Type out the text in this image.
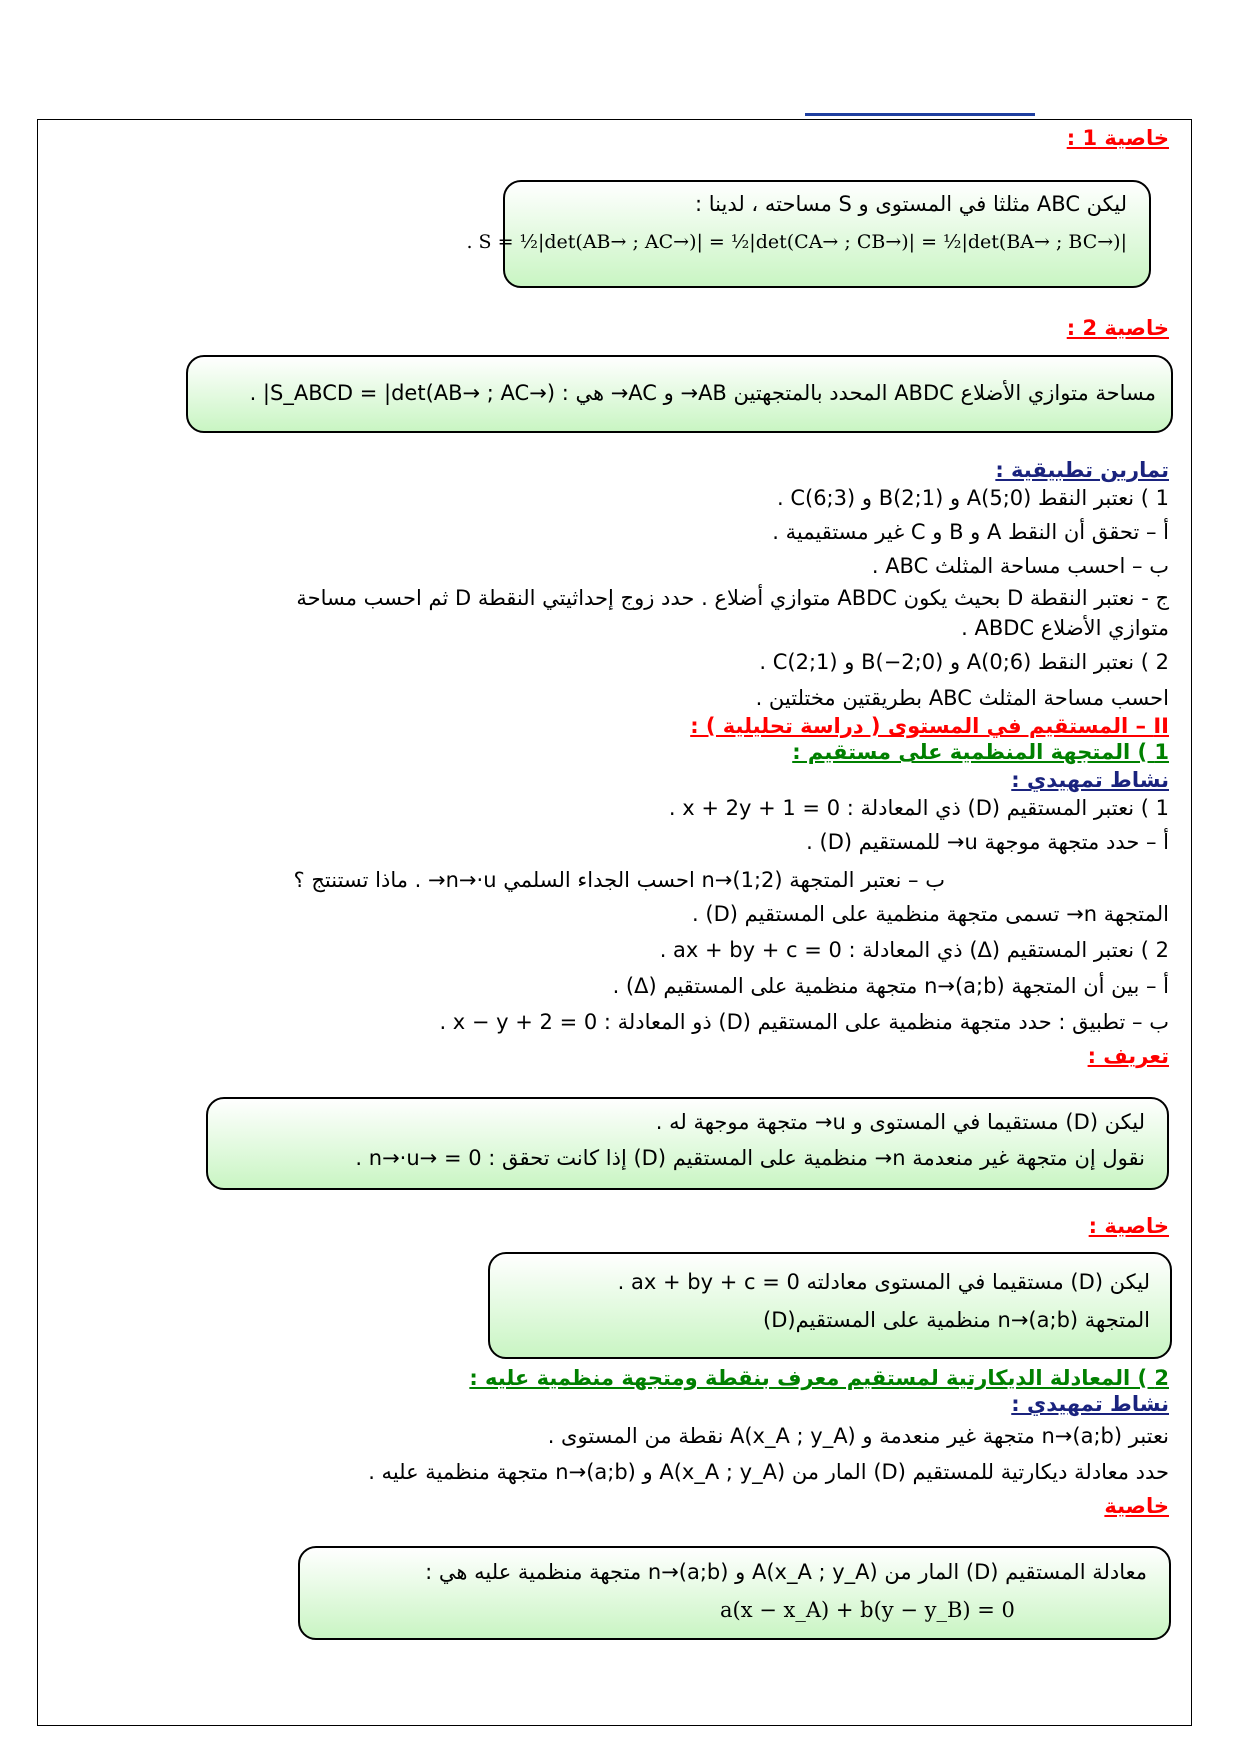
خاصية 1 :
ليكن ABC مثلثا في المستوى و S مساحته ، لدينا :
. S = ½|det(AB→ ; AC→)| = ½|det(CA→ ; CB→)| = ½|det(BA→ ; BC→)|
خاصية 2 :
مساحة متوازي الأضلاع ABDC المحدد بالمتجهتين AB→ و AC→ هي : S_ABCD = |det(AB→ ; AC→)| .
تمارين تطبيقية :
1 ) نعتبر النقط A(5;0) و B(2;1) و C(6;3) .
أ – تحقق أن النقط A و B و C غير مستقيمية .
ب – احسب مساحة المثلث ABC .
ج - نعتبر النقطة D بحيث يكون ABDC متوازي أضلاع . حدد زوج إحداثيتي النقطة D ثم احسب مساحة
متوازي الأضلاع ABDC .
2 ) نعتبر النقط A(0;6) و B(−2;0) و C(2;1) .
احسب مساحة المثلث ABC بطريقتين مختلتين .
II – المستقيم في المستوى ( دراسة تحليلية ) :
1 ) المتجهة المنظمية على مستقيم :
نشاط تمهيدي :
1 ) نعتبر المستقيم (D) ذي المعادلة : x + 2y + 1 = 0 .
أ – حدد متجهة موجهة u→ للمستقيم (D) .
ب – نعتبر المتجهة n→(1;2) احسب الجداء السلمي n→·u→ . ماذا تستنتج ؟
المتجهة n→ تسمى متجهة منظمية على المستقيم (D) .
2 ) نعتبر المستقيم (Δ) ذي المعادلة : ax + by + c = 0 .
أ – بين أن المتجهة n→(a;b) متجهة منظمية على المستقيم (Δ) .
ب – تطبيق : حدد متجهة منظمية على المستقيم (D) ذو المعادلة : x − y + 2 = 0 .
تعريف :
ليكن (D) مستقيما في المستوى و u→ متجهة موجهة له .
نقول إن متجهة غير منعدمة n→ منظمية على المستقيم (D) إذا كانت تحقق : n→·u→ = 0 .
خاصية :
ليكن (D) مستقيما في المستوى معادلته ax + by + c = 0 .
المتجهة n→(a;b) منظمية على المستقيم(D)
2 ) المعادلة الديكارتية لمستقيم معرف بنقطة ومتجهة منظمية عليه :
نشاط تمهيدي :
نعتبر n→(a;b) متجهة غير منعدمة و A(x_A ; y_A) نقطة من المستوى .
حدد معادلة ديكارتية للمستقيم (D) المار من A(x_A ; y_A) و n→(a;b) متجهة منظمية عليه .
خاصية
معادلة المستقيم (D) المار من A(x_A ; y_A) و n→(a;b) متجهة منظمية عليه هي :
a(x − x_A) + b(y − y_B) = 0
